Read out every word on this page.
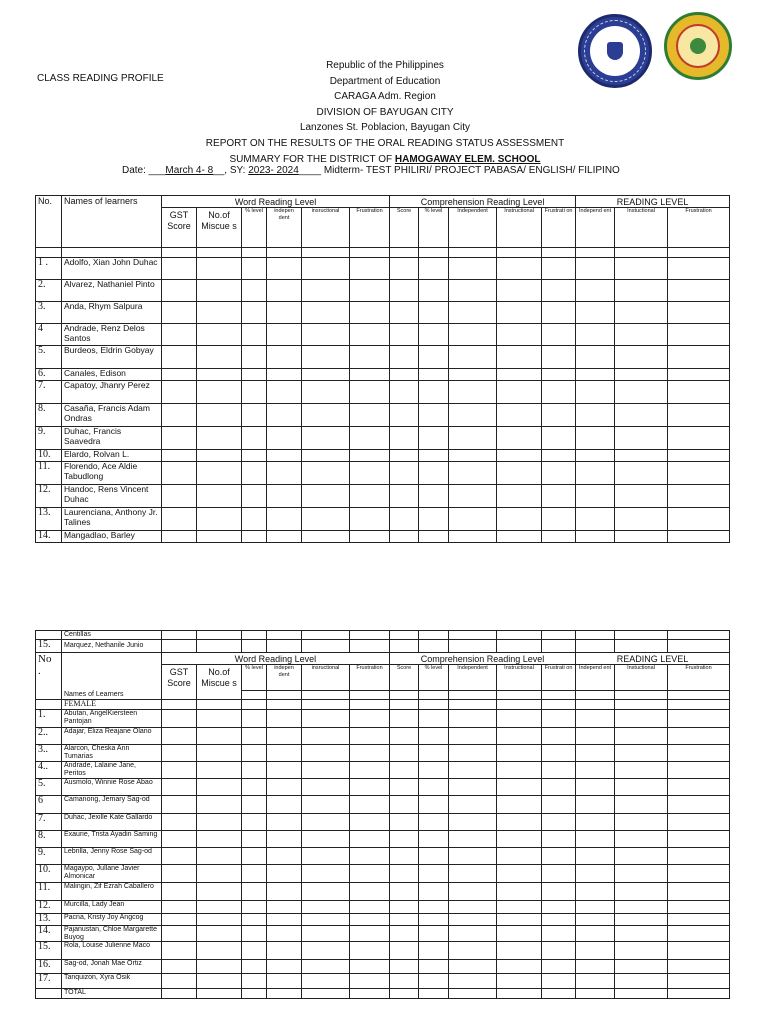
CLASS READING PROFILE
Republic of the Philippines
Department of Education
CARAGA Adm. Region
DIVISION OF BAYUGAN CITY
Lanzones St. Poblacion, Bayugan City
REPORT ON THE RESULTS OF THE ORAL READING STATUS ASSESSMENT
SUMMARY FOR THE DISTRICT OF HAMOGAWAY ELEM. SCHOOL
Date: ___March 4- 8__, SY: 2023- 2024____ Midterm- TEST PHILIRI/ PROJECT PABASA/ ENGLISH/ FILIPINO
No.	Names of learners	Word Reading Level						Comprehension Reading Level					READING LEVEL		
		GST Score	No.of Miscue s	% level	indepen dent	insructional	Frustration	Score	% level	Independent	Instructional	Frustrati on	Independ ent	Instuctional	Frustration

1 .	Adolfo, Xian John Duhac														
2.	Alvarez, Nathaniel Pinto														
3.	Anda, Rhym Salpura														
4	Andrade, Renz Delos Santos														
5.	Burdeos, Eldrin Gobyay														
6.	Canales, Edison														
7.	Capatoy, Jhanry Perez														
8.	Casaña, Francis Adam Ondras														
9.	Duhac, Francis Saavedra														
10.	Elardo, Rolvan L.														
11.	Florendo, Ace Aldie Tabudlong														
12.	Handoc, Rens Vincent Duhac														
13.	Laurenciana, Anthony Jr. Talines														
14.	Mangadlao, Barley														
	Centillas														
15.	Marquez, Nethanile Junio														

No
.	Names of Learners	Word Reading Level						Comprehension Reading Level					READING LEVEL		
		GST Score	No.of Miscue s	% level	indepen dent	insructional	Frustration	Score	% level	Independent	Instructional	Frustrati on	Independ ent	Instuctional	Frustration

	FEMALE														
1.	Abutan, AngelKiersteen Pantojan														
2..	Adajar, Eliza Reajane Olano														
3..	Alarcon, Cheska Ann Tumarias														
4..	Andrade, Lalaine Jane, Peritos														
5.	Ausmolo, Winnie Rose Abao														
6	Camanong, Jemary Sag-od														
7.	Duhac, Jexille Kate Gallardo														
8.	Exaurie, Trista Ayadin Saming														
9.	Lebrilla, Jenny Rose Sag-od														
10.	Magaypo, Jullane Javier Almonicar														
11.	Malingin, Zif Ezrah Caballero														
12.	Murcilla, Lady Jean														
13.	Pacna, Kristy Joy Angcog														
14.	Pajanustan, Chloe Margarette Buyog														
15.	Rola, Louise Julienne Maco														
16.	Sag-od, Jonah Mae Ortiz														
17.	Tanquizon, Xyra Osik														
	TOTAL														
